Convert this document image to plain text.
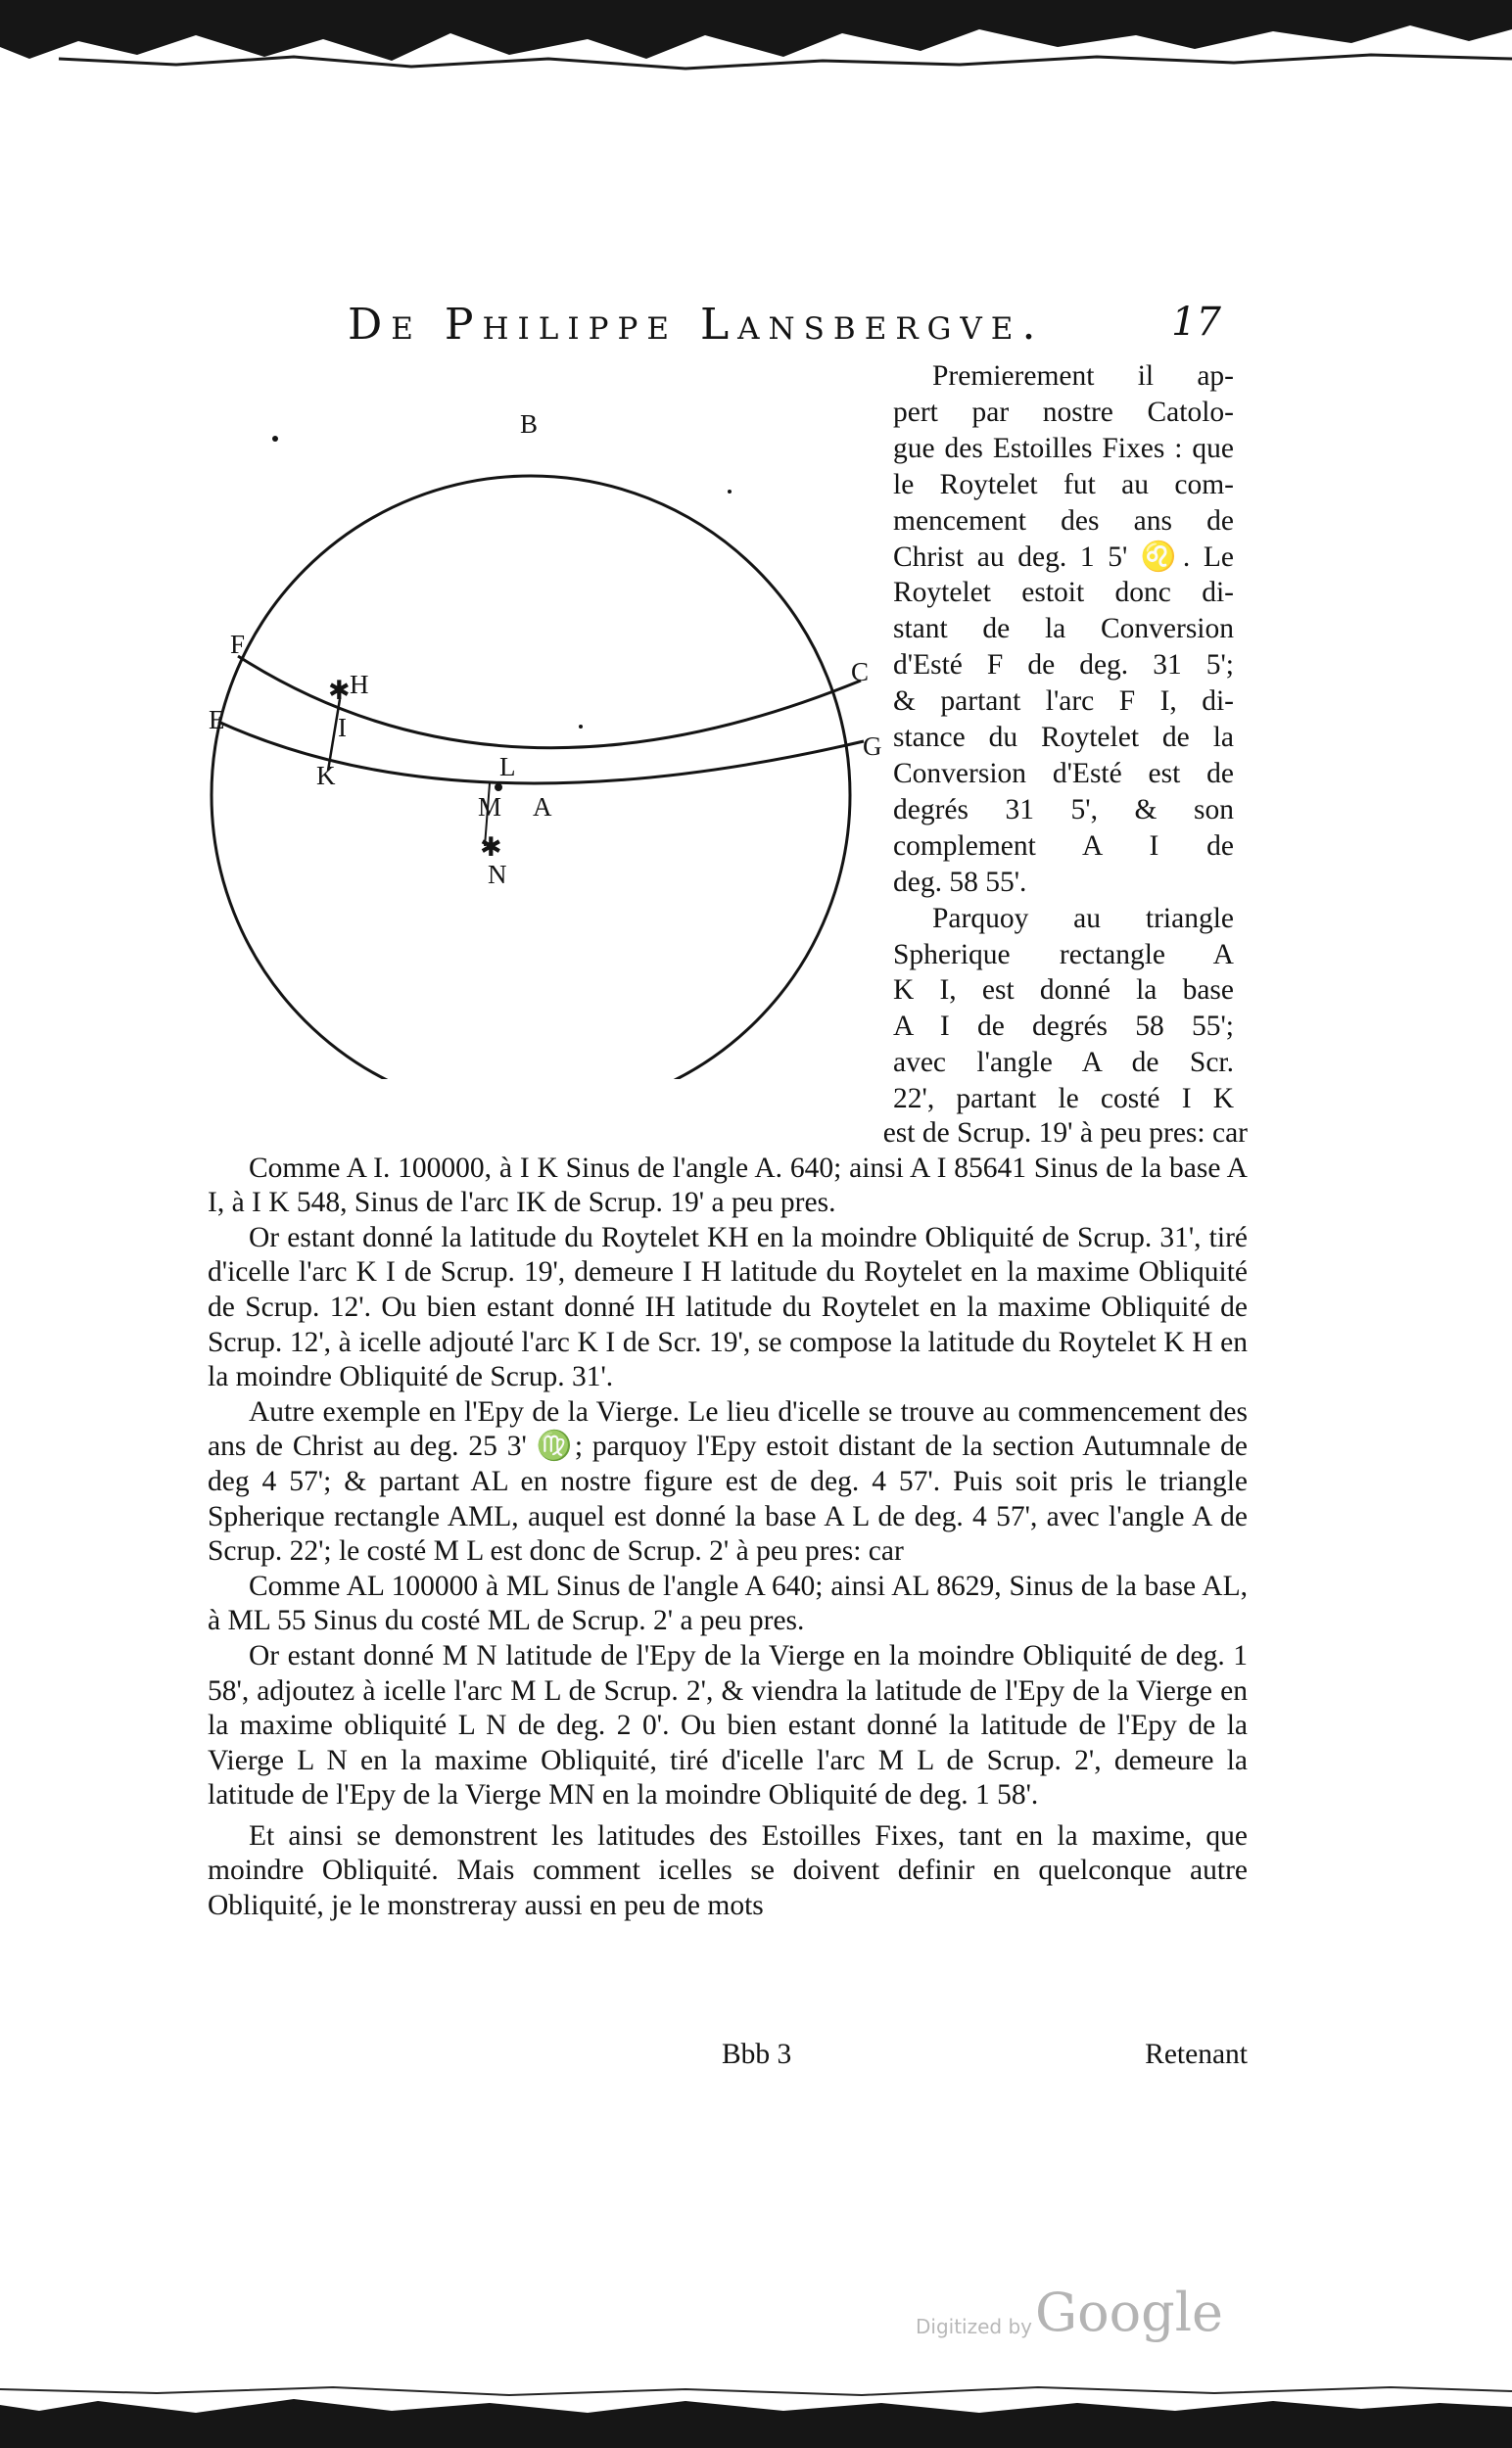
De Philippe Lansbergve.	17
B
F
C
E
G
H
I
K	L
M A
N
✱
✱

Premierement il ap-

pert par nostre Catolo-

gue des Estoilles Fixes : que

le Roytelet fut au com-

mencement des ans de

Christ au deg. 1 5' ♌. Le

Roytelet estoit donc di-

stant de la Conversion

d'Esté F de deg. 31 5';

& partant l'arc F I, di-

stance du Roytelet de la

Conversion d'Esté est de

degrés 31 5', & son

complement A I de

deg. 58 55'.

Parquoy au triangle

Spherique rectangle A

K I, est donné la base

A I de degrés 58 55';

avec l'angle A de Scr.

22', partant le costé I K

est de Scrup. 19' à peu pres: car

Comme A I. 100000, à I K Sinus de l'angle A. 640; ainsi A I 85641 Sinus de la base A I, à I K 548, Sinus de l'arc IK de Scrup. 19' a peu pres.

Or estant donné la latitude du Roytelet KH en la moindre Obliquité de Scrup. 31', tiré d'icelle l'arc K I de Scrup. 19', demeure I H latitude du Roytelet en la maxime Obliquité de Scrup. 12'. Ou bien estant donné IH latitude du Roytelet en la maxime Obliquité de Scrup. 12', à icelle adjouté l'arc K I de Scr. 19', se compose la latitude du Roytelet K H en la moindre Obliquité de Scrup. 31'.

Autre exemple en l'Epy de la Vierge. Le lieu d'icelle se trouve au commencement des ans de Christ au deg. 25 3' ♍; parquoy l'Epy estoit distant de la section Autumnale de deg 4 57'; & partant AL en nostre figure est de deg. 4 57'. Puis soit pris le triangle Spherique rectangle AML, auquel est donné la base A L de deg. 4 57', avec l'angle A de Scrup. 22'; le costé M L est donc de Scrup. 2' à peu pres: car

Comme AL 100000 à ML Sinus de l'angle A 640; ainsi AL 8629, Sinus de la base AL, à ML 55 Sinus du costé ML de Scrup. 2' a peu pres.

Or estant donné M N latitude de l'Epy de la Vierge en la moindre Obliquité de deg. 1 58', adjoutez à icelle l'arc M L de Scrup. 2', & viendra la latitude de l'Epy de la Vierge en la maxime obliquité L N de deg. 2 0'. Ou bien estant donné la latitude de l'Epy de la Vierge L N en la maxime Obliquité, tiré d'icelle l'arc M L de Scrup. 2', demeure la latitude de l'Epy de la Vierge MN en la moindre Obliquité de deg. 1 58'.

Et ainsi se demonstrent les latitudes des Estoilles Fixes, tant en la maxime, que moindre Obliquité. Mais comment icelles se doivent definir en quelconque autre Obliquité, je le monstreray aussi en peu de mots

Bbb 3	Retenant
Digitized by Google
